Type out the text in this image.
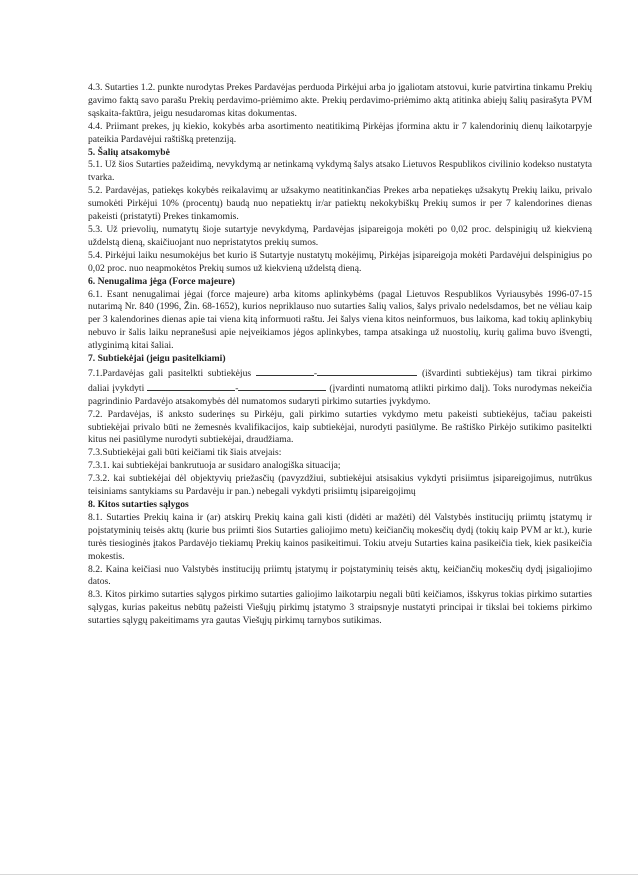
4.3. Sutarties 1.2. punkte nurodytas Prekes Pardavėjas perduoda Pirkėjui arba jo įgaliotam atstovui, kurie patvirtina tinkamu Prekių gavimo faktą savo parašu Prekių perdavimo-priėmimo akte. Prekių perdavimo-priėmimo aktą atitinka abiejų šalių pasirašyta PVM sąskaita-faktūra, jeigu nesudaromas kitas dokumentas.

4.4. Priimant prekes, jų kiekio, kokybės arba asortimento neatitikimą Pirkėjas įformina aktu ir 7 kalendorinių dienų laikotarpyje pateikia Pardavėjui raštišką pretenziją.

5. Šalių atsakomybė

5.1. Už šios Sutarties pažeidimą, nevykdymą ar netinkamą vykdymą šalys atsako Lietuvos Respublikos civilinio kodekso nustatyta tvarka.

5.2. Pardavėjas, patiekęs kokybės reikalavimų ar užsakymo neatitinkančias Prekes arba nepatiekęs užsakytų Prekių laiku, privalo sumokėti Pirkėjui 10% (procentų) baudą nuo nepatiektų ir/ar patiektų nekokybiškų Prekių sumos ir per 7 kalendorines dienas pakeisti (pristatyti) Prekes tinkamomis.

5.3. Už prievolių, numatytų šioje sutartyje nevykdymą, Pardavėjas įsipareigoja mokėti po 0,02 proc. delspinigių už kiekvieną uždelstą dieną, skaičiuojant nuo nepristatytos prekių sumos.

5.4. Pirkėjui laiku nesumokėjus bet kurio iš Sutartyje nustatytų mokėjimų, Pirkėjas įsipareigoja mokėti Pardavėjui delspinigius po 0,02 proc. nuo neapmokėtos Prekių sumos už kiekvieną uždelstą dieną.

6. Nenugalima jėga (Force majeure)

6.1. Esant nenugalimai jėgai (force majeure) arba kitoms aplinkybėms (pagal Lietuvos Respublikos Vyriausybės 1996-07-15 nutarimą Nr. 840 (1996, Žin. 68-1652), kurios nepriklauso nuo sutarties šalių valios, šalys privalo nedelsdamos, bet ne vėliau kaip per 3 kalendorines dienas apie tai viena kitą informuoti raštu. Jei šalys viena kitos neinformuos, bus laikoma, kad tokių aplinkybių nebuvo ir šalis laiku nepranešusi apie neįveikiamos jėgos aplinkybes, tampa atsakinga už nuostolių, kurių galima buvo išvengti, atlyginimą kitai šaliai.

7. Subtiekėjai (jeigu pasitelkiami)

7.1.Pardavėjas gali pasitelkti subtiekėjus	-	(išvardinti subtiekėjus) tam tikrai pirkimo daliai įvykdyti	-	(įvardinti numatomą atlikti pirkimo dalį). Toks nurodymas nekeičia pagrindinio Pardavėjo atsakomybės dėl numatomos sudaryti pirkimo sutarties įvykdymo.

7.2. Pardavėjas, iš anksto suderinęs su Pirkėju, gali pirkimo sutarties vykdymo metu pakeisti subtiekėjus, tačiau pakeisti subtiekėjai privalo būti ne žemesnės kvalifikacijos, kaip subtiekėjai, nurodyti pasiūlyme. Be raštiško Pirkėjo sutikimo pasitelkti kitus nei pasiūlyme nurodyti subtiekėjai, draudžiama.

7.3.Subtiekėjai gali būti keičiami tik šiais atvejais:

7.3.1. kai subtiekėjai bankrutuoja ar susidaro analogiška situacija;

7.3.2. kai subtiekėjai dėl objektyvių priežasčių (pavyzdžiui, subtiekėjui atsisakius vykdyti prisiimtus įsipareigojimus, nutrūkus teisiniams santykiams su Pardavėju ir pan.) nebegali vykdyti prisiimtų įsipareigojimų

8. Kitos sutarties sąlygos

8.1. Sutarties Prekių kaina ir (ar) atskirų Prekių kaina gali kisti (didėti ar mažėti) dėl Valstybės institucijų priimtų įstatymų ir poįstatyminių teisės aktų (kurie bus priimti šios Sutarties galiojimo metu) keičiančių mokesčių dydį (tokių kaip PVM ar kt.), kurie turės tiesioginės įtakos Pardavėjo tiekiamų Prekių kainos pasikeitimui. Tokiu atveju Sutarties kaina pasikeičia tiek, kiek pasikeičia mokestis.

8.2. Kaina keičiasi nuo Valstybės institucijų priimtų įstatymų ir poįstatyminių teisės aktų, keičiančių mokesčių dydį įsigaliojimo datos.

8.3. Kitos pirkimo sutarties sąlygos pirkimo sutarties galiojimo laikotarpiu negali būti keičiamos, išskyrus tokias pirkimo sutarties sąlygas, kurias pakeitus nebūtų pažeisti Viešųjų pirkimų įstatymo 3 straipsnyje nustatyti principai ir tikslai bei tokiems pirkimo sutarties sąlygų pakeitimams yra gautas Viešųjų pirkimų tarnybos sutikimas.
